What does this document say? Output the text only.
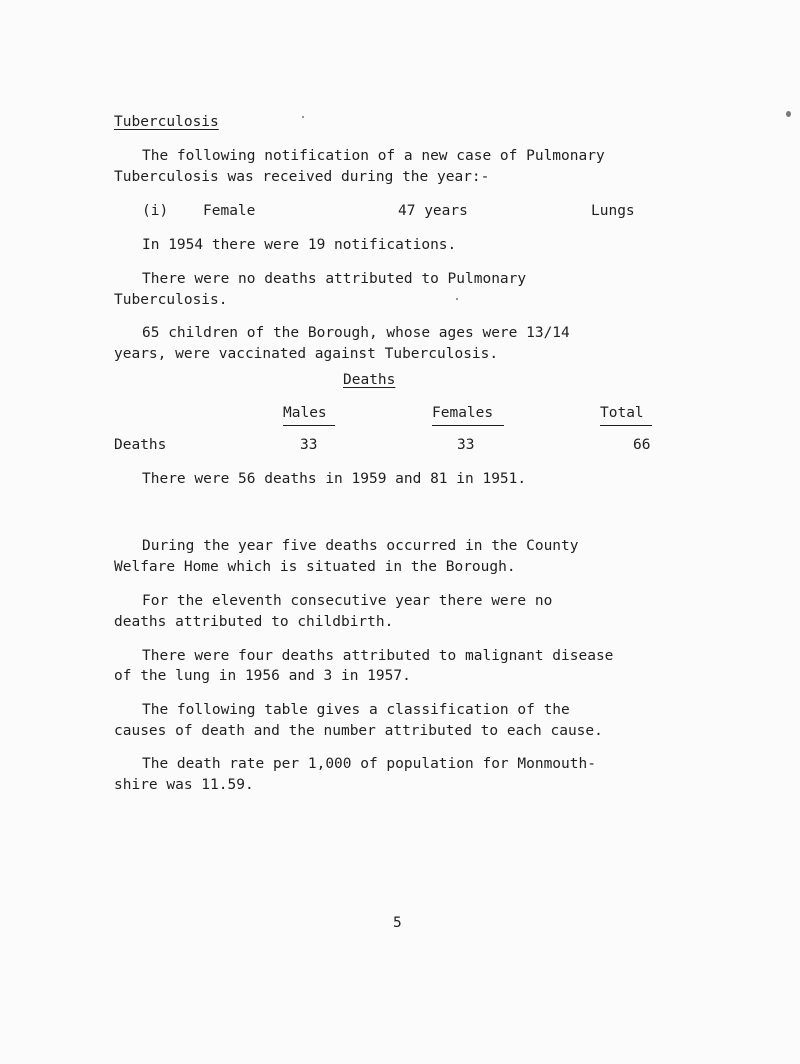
Tuberculosis
The following notification of a new case of Pulmonary
Tuberculosis was received during the year:-
(i) Female	47 years	Lungs
In 1954 there were 19 notifications.
There were no deaths attributed to Pulmonary
Tuberculosis.
65 children of the Borough, whose ages were 13/14
years, were vaccinated against Tuberculosis.
Deaths
Males	Females	Total
Deaths	33	33	66
There were 56 deaths in 1959 and 81 in 1951.
During the year five deaths occurred in the County
Welfare Home which is situated in the Borough.
For the eleventh consecutive year there were no
deaths attributed to childbirth.
There were four deaths attributed to malignant disease
of the lung in 1956 and 3 in 1957.
The following table gives a classification of the
causes of death and the number attributed to each cause.
The death rate per 1,000 of population for Monmouth-
shire was 11.59.
5
